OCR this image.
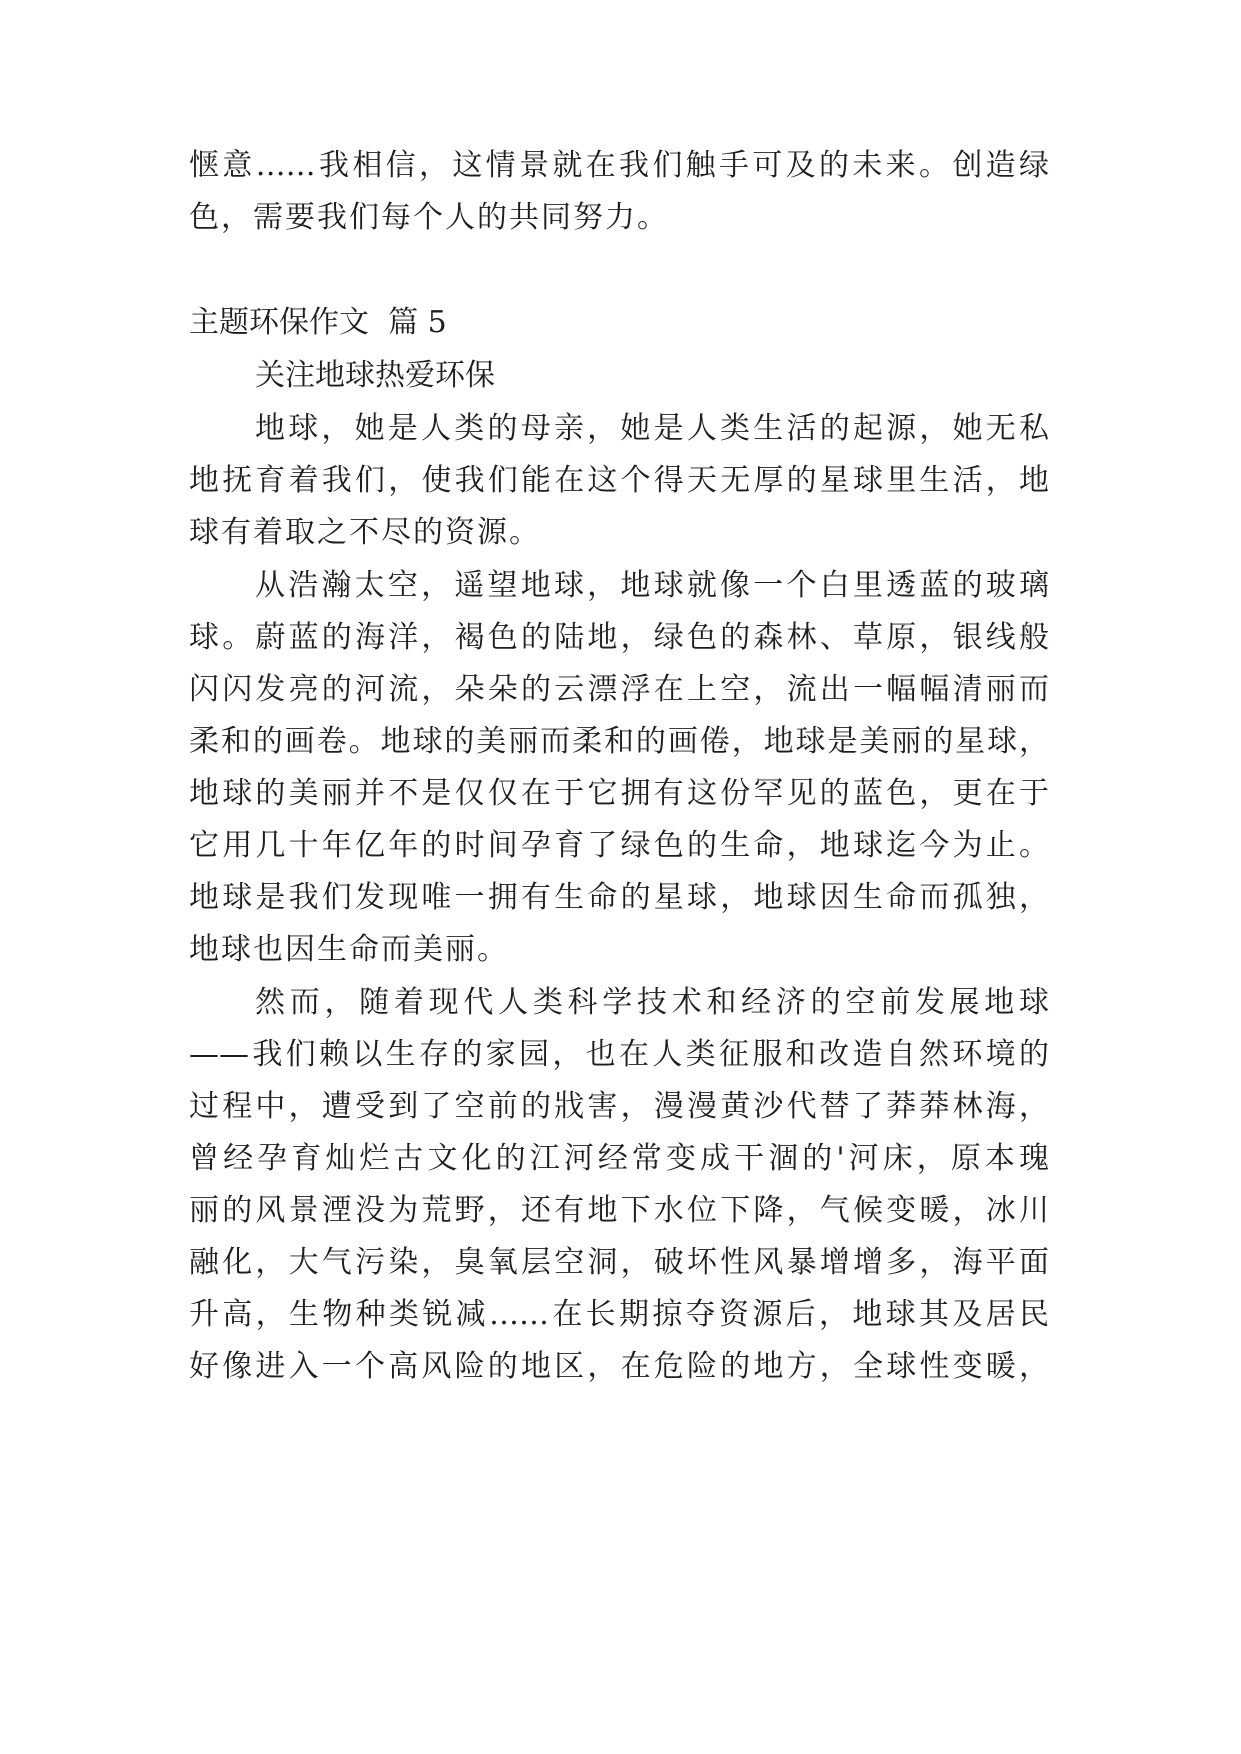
惬意……我相信，这情景就在我们触手可及的未来。创造绿
色，需要我们每个人的共同努力。
主题环保作文  篇 5
关注地球热爱环保
地球，她是人类的母亲，她是人类生活的起源，她无私
地抚育着我们，使我们能在这个得天无厚的星球里生活，地
球有着取之不尽的资源。
从浩瀚太空，遥望地球，地球就像一个白里透蓝的玻璃
球。蔚蓝的海洋，褐色的陆地，绿色的森林、草原，银线般
闪闪发亮的河流，朵朵的云漂浮在上空，流出一幅幅清丽而
柔和的画卷。地球的美丽而柔和的画倦，地球是美丽的星球，
地球的美丽并不是仅仅在于它拥有这份罕见的蓝色，更在于
它用几十年亿年的时间孕育了绿色的生命，地球迄今为止。
地球是我们发现唯一拥有生命的星球，地球因生命而孤独，
地球也因生命而美丽。
然而，随着现代人类科学技术和经济的空前发展地球
——我们赖以生存的家园，也在人类征服和改造自然环境的
过程中，遭受到了空前的戕害，漫漫黄沙代替了莽莽林海，
曾经孕育灿烂古文化的江河经常变成干涸的'河床，原本瑰
丽的风景湮没为荒野，还有地下水位下降，气候变暖，冰川
融化，大气污染，臭氧层空洞，破坏性风暴增增多，海平面
升高，生物种类锐减……在长期掠夺资源后，地球其及居民
好像进入一个高风险的地区，在危险的地方，全球性变暖，
